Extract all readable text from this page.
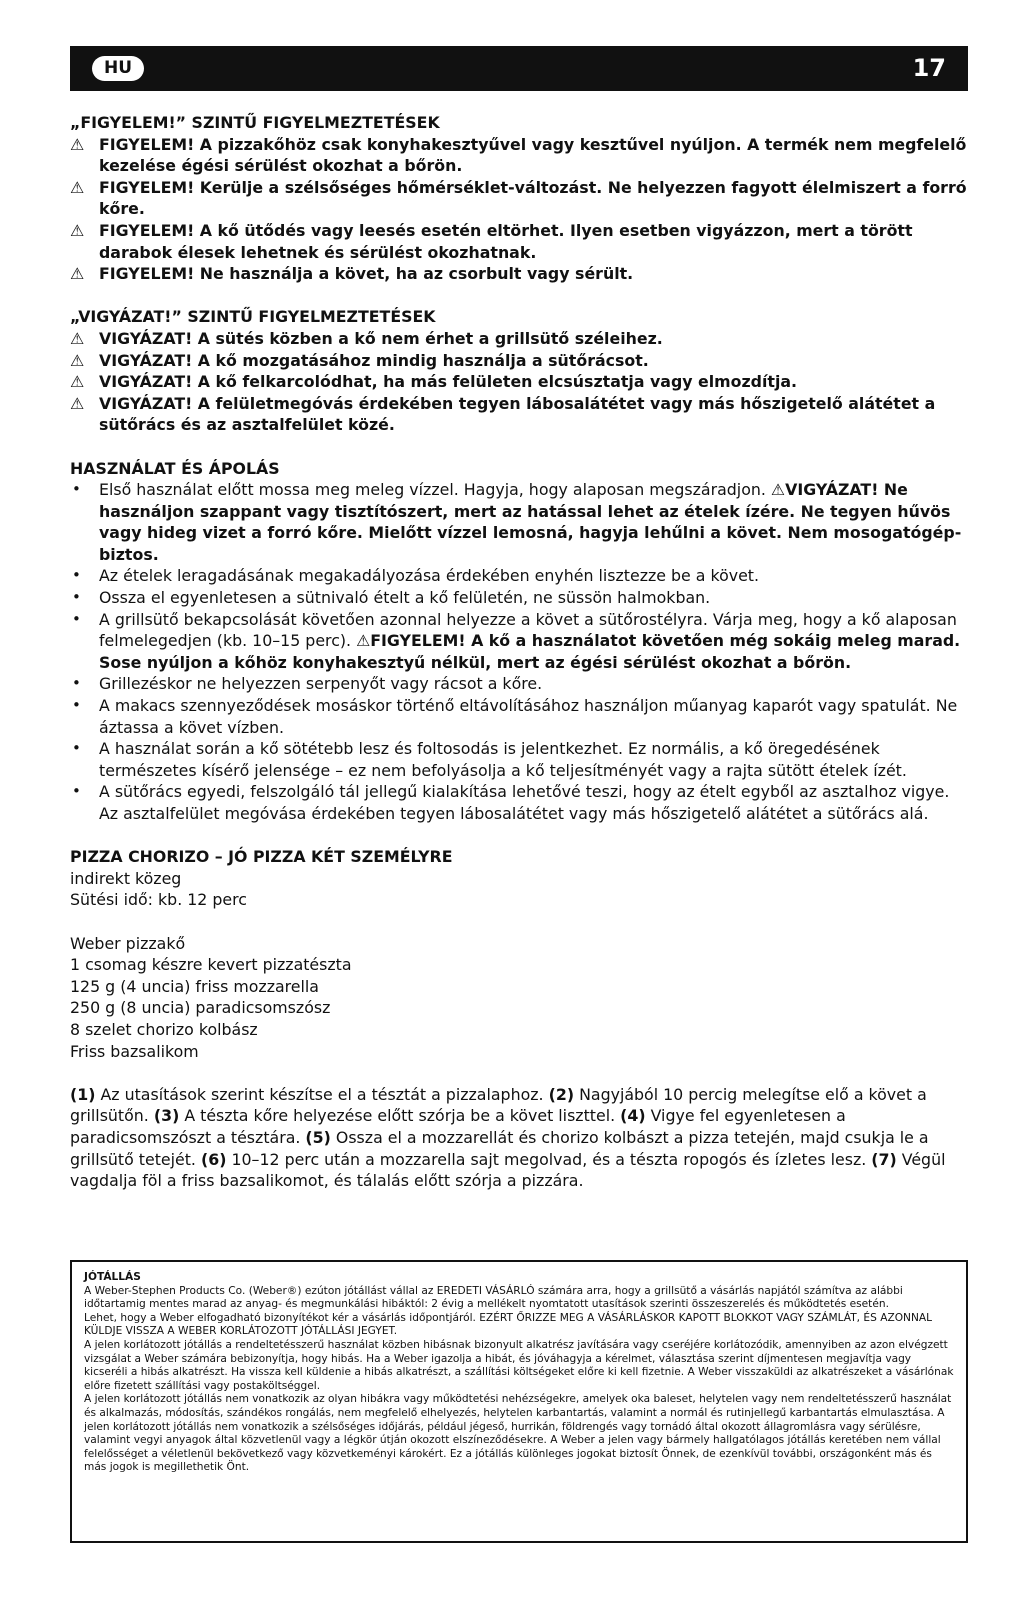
HU	17

„FIGYELEM!” SZINTŰ FIGYELMEZTETÉSEK

⚠ FIGYELEM! A pizzakőhöz csak konyhakesztyűvel vagy kesztűvel nyúljon. A termék nem megfelelő kezelése égési sérülést okozhat a bőrön.
⚠ FIGYELEM! Kerülje a szélsőséges hőmérséklet-változást. Ne helyezzen fagyott élelmiszert a forró kőre.
⚠ FIGYELEM! A kő ütődés vagy leesés esetén eltörhet. Ilyen esetben vigyázzon, mert a törött darabok élesek lehetnek és sérülést okozhatnak.
⚠ FIGYELEM! Ne használja a követ, ha az csorbult vagy sérült.

„VIGYÁZAT!” SZINTŰ FIGYELMEZTETÉSEK

⚠ VIGYÁZAT! A sütés közben a kő nem érhet a grillsütő széleihez.
⚠ VIGYÁZAT! A kő mozgatásához mindig használja a sütőrácsot.
⚠ VIGYÁZAT! A kő felkarcolódhat, ha más felületen elcsúsztatja vagy elmozdítja.
⚠ VIGYÁZAT! A felületmegóvás érdekében tegyen lábosalátétet vagy más hőszigetelő alátétet a sütőrács és az asztalfelület közé.

HASZNÁLAT ÉS ÁPOLÁS

• Első használat előtt mossa meg meleg vízzel. Hagyja, hogy alaposan megszáradjon. ⚠VIGYÁZAT! Ne használjon szappant vagy tisztítószert, mert az hatással lehet az ételek ízére. Ne tegyen hűvös vagy hideg vizet a forró kőre. Mielőtt vízzel lemosná, hagyja lehűlni a követ. Nem mosogatógép-biztos.
• Az ételek leragadásának megakadályozása érdekében enyhén lisztezze be a követ.
• Ossza el egyenletesen a sütnivaló ételt a kő felületén, ne süssön halmokban.
• A grillsütő bekapcsolását követően azonnal helyezze a követ a sütőrostélyra. Várja meg, hogy a kő alaposan felmelegedjen (kb. 10–15 perc). ⚠FIGYELEM! A kő a használatot követően még sokáig meleg marad. Sose nyúljon a kőhöz konyhakesztyű nélkül, mert az égési sérülést okozhat a bőrön.
• Grillezéskor ne helyezzen serpenyőt vagy rácsot a kőre.
• A makacs szennyeződések mosáskor történő eltávolításához használjon műanyag kaparót vagy spatulát. Ne áztassa a követ vízben.
• A használat során a kő sötétebb lesz és foltosodás is jelentkezhet. Ez normális, a kő öregedésének természetes kísérő jelensége – ez nem befolyásolja a kő teljesítményét vagy a rajta sütött ételek ízét.
• A sütőrács egyedi, felszolgáló tál jellegű kialakítása lehetővé teszi, hogy az ételt egyből az asztalhoz vigye. Az asztalfelület megóvása érdekében tegyen lábosalátétet vagy más hőszigetelő alátétet a sütőrács alá.

PIZZA CHORIZO – JÓ PIZZA KÉT SZEMÉLYRE

indirekt közeg

Sütési idő: kb. 12 perc

Weber pizzakő

1 csomag készre kevert pizzatészta

125 g (4 uncia) friss mozzarella

250 g (8 uncia) paradicsomszósz

8 szelet chorizo kolbász

Friss bazsalikom

(1) Az utasítások szerint készítse el a tésztát a pizzalaphoz. (2) Nagyjából 10 percig melegítse elő a követ a grillsütőn. (3) A tészta kőre helyezése előtt szórja be a követ liszttel. (4) Vigye fel egyenletesen a paradicsomszószt a tésztára. (5) Ossza el a mozzarellát és chorizo kolbászt a pizza tetején, majd csukja le a grillsütő tetejét. (6) 10–12 perc után a mozzarella sajt megolvad, és a tészta ropogós és ízletes lesz. (7) Végül vagdalja föl a friss bazsalikomot, és tálalás előtt szórja a pizzára.

JÓTÁLLÁS

A Weber-Stephen Products Co. (Weber®) ezúton jótállást vállal az EREDETI VÁSÁRLÓ számára arra, hogy a grillsütő a vásárlás napjától számítva az alábbi időtartamig mentes marad az anyag- és megmunkálási hibáktól: 2 évig a mellékelt nyomtatott utasítások szerinti összeszerelés és működtetés esetén.

Lehet, hogy a Weber elfogadható bizonyítékot kér a vásárlás időpontjáról. EZÉRT ŐRIZZE MEG A VÁSÁRLÁSKOR KAPOTT BLOKKOT VAGY SZÁMLÁT, ÉS AZONNAL KÜLDJE VISSZA A WEBER KORLÁTOZOTT JÓTÁLLÁSI JEGYET.

A jelen korlátozott jótállás a rendeltetésszerű használat közben hibásnak bizonyult alkatrész javítására vagy cseréjére korlátozódik, amennyiben az azon elvégzett vizsgálat a Weber számára bebizonyítja, hogy hibás. Ha a Weber igazolja a hibát, és jóváhagyja a kérelmet, választása szerint díjmentesen megjavítja vagy kicseréli a hibás alkatrészt. Ha vissza kell küldenie a hibás alkatrészt, a szállítási költségeket előre ki kell fizetnie. A Weber visszaküldi az alkatrészeket a vásárlónak előre fizetett szállítási vagy postaköltséggel.

A jelen korlátozott jótállás nem vonatkozik az olyan hibákra vagy működtetési nehézségekre, amelyek oka baleset, helytelen vagy nem rendeltetésszerű használat és alkalmazás, módosítás, szándékos rongálás, nem megfelelő elhelyezés, helytelen karbantartás, valamint a normál és rutinjellegű karbantartás elmulasztása. A jelen korlátozott jótállás nem vonatkozik a szélsőséges időjárás, például jégeső, hurrikán, földrengés vagy tornádó által okozott állagromlásra vagy sérülésre, valamint vegyi anyagok által közvetlenül vagy a légkör útján okozott elszíneződésekre. A Weber a jelen vagy bármely hallgatólagos jótállás keretében nem vállal felelősséget a véletlenül bekövetkező vagy közvetkeményi károkért. Ez a jótállás különleges jogokat biztosít Önnek, de ezenkívül további, országonként más és más jogok is megillethetik Önt.
